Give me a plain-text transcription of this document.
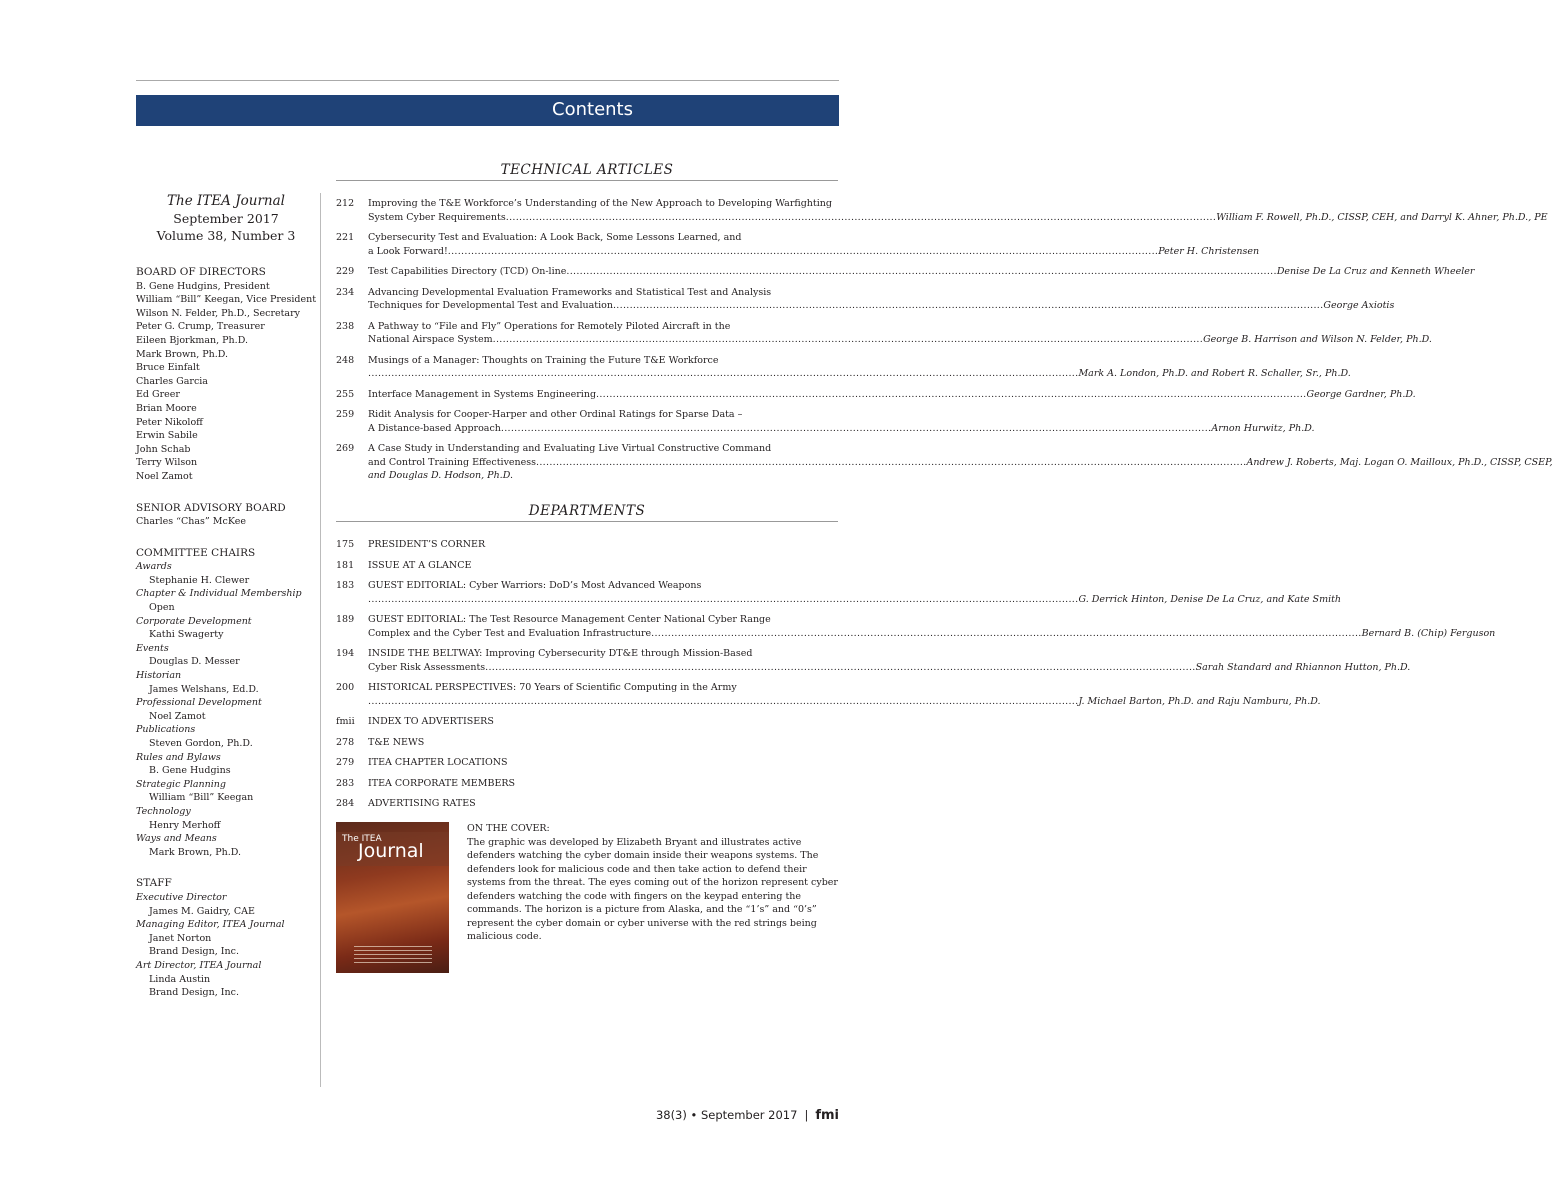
Contents
The ITEA Journal
September 2017
Volume 38, Number 3
BOARD OF DIRECTORS
B. Gene Hudgins, President
William “Bill” Keegan, Vice President
Wilson N. Felder, Ph.D., Secretary
Peter G. Crump, Treasurer
Eileen Bjorkman, Ph.D.
Mark Brown, Ph.D.
Bruce Einfalt
Charles Garcia
Ed Greer
Brian Moore
Peter Nikoloff
Erwin Sabile
John Schab
Terry Wilson
Noel Zamot
SENIOR ADVISORY BOARD
Charles “Chas” McKee
COMMITTEE CHAIRS
Awards
Stephanie H. Clewer
Chapter & Individual Membership
Open
Corporate Development
Kathi Swagerty
Events
Douglas D. Messer
Historian
James Welshans, Ed.D.
Professional Development
Noel Zamot
Publications
Steven Gordon, Ph.D.
Rules and Bylaws
B. Gene Hudgins
Strategic Planning
William “Bill” Keegan
Technology
Henry Merhoff
Ways and Means
Mark Brown, Ph.D.
STAFF
Executive Director
James M. Gaidry, CAE
Managing Editor, ITEA Journal
Janet Norton
Brand Design, Inc.
Art Director, ITEA Journal
Linda Austin
Brand Design, Inc.
TECHNICAL ARTICLES
212	Improving the T&E Workforce’s Understanding of the New Approach to Developing Warfighting
System Cyber Requirements .....	William F. Rowell, Ph.D., CISSP, CEH, and Darryl K. Ahner, Ph.D., PE
221	Cybersecurity Test and Evaluation: A Look Back, Some Lessons Learned, and
a Look Forward! .....	Peter H. Christensen
229	Test Capabilities Directory (TCD) On-line .....	Denise De La Cruz and Kenneth Wheeler
234	Advancing Developmental Evaluation Frameworks and Statistical Test and Analysis
Techniques for Developmental Test and Evaluation .....	George Axiotis
238	A Pathway to “File and Fly” Operations for Remotely Piloted Aircraft in the
National Airspace System .....	George B. Harrison and Wilson N. Felder, Ph.D.
248	Musings of a Manager: Thoughts on Training the Future T&E Workforce
.....
Mark A. London, Ph.D. and Robert R. Schaller, Sr., Ph.D.
255	Interface Management in Systems Engineering .....	George Gardner, Ph.D.
259	Ridit Analysis for Cooper-Harper and other Ordinal Ratings for Sparse Data –
A Distance-based Approach .....	Arnon Hurwitz, Ph.D.
269	A Case Study in Understanding and Evaluating Live Virtual Constructive Command
and Control Training Effectiveness .....	Andrew J. Roberts, Maj. Logan O. Mailloux, Ph.D., CISSP, CSEP,
and Douglas D. Hodson, Ph.D.
DEPARTMENTS
175	PRESIDENT’S CORNER
181	ISSUE AT A GLANCE
183	GUEST EDITORIAL: Cyber Warriors: DoD’s Most Advanced Weapons
.....
G. Derrick Hinton, Denise De La Cruz, and Kate Smith
189	GUEST EDITORIAL: The Test Resource Management Center National Cyber Range
Complex and the Cyber Test and Evaluation Infrastructure .....	Bernard B. (Chip) Ferguson
194	INSIDE THE BELTWAY: Improving Cybersecurity DT&E through Mission-Based
Cyber Risk Assessments .....	Sarah Standard and Rhiannon Hutton, Ph.D.
200	HISTORICAL PERSPECTIVES: 70 Years of Scientific Computing in the Army
.....
J. Michael Barton, Ph.D. and Raju Namburu, Ph.D.
fmii	INDEX TO ADVERTISERS
278	T&E NEWS
279	ITEA CHAPTER LOCATIONS
283	ITEA CORPORATE MEMBERS
284	ADVERTISING RATES
The ITEA
Journal
ON THE COVER:
The graphic was developed by Elizabeth Bryant and illustrates active defenders watching the cyber domain inside their weapons systems. The defenders look for malicious code and then take action to defend their systems from the threat. The eyes coming out of the horizon represent cyber defenders watching the code with fingers on the keypad entering the commands. The horizon is a picture from Alaska, and the “1’s” and “0’s” represent the cyber domain or cyber universe with the red strings being malicious code.
38(3) • September 2017 | fmi
